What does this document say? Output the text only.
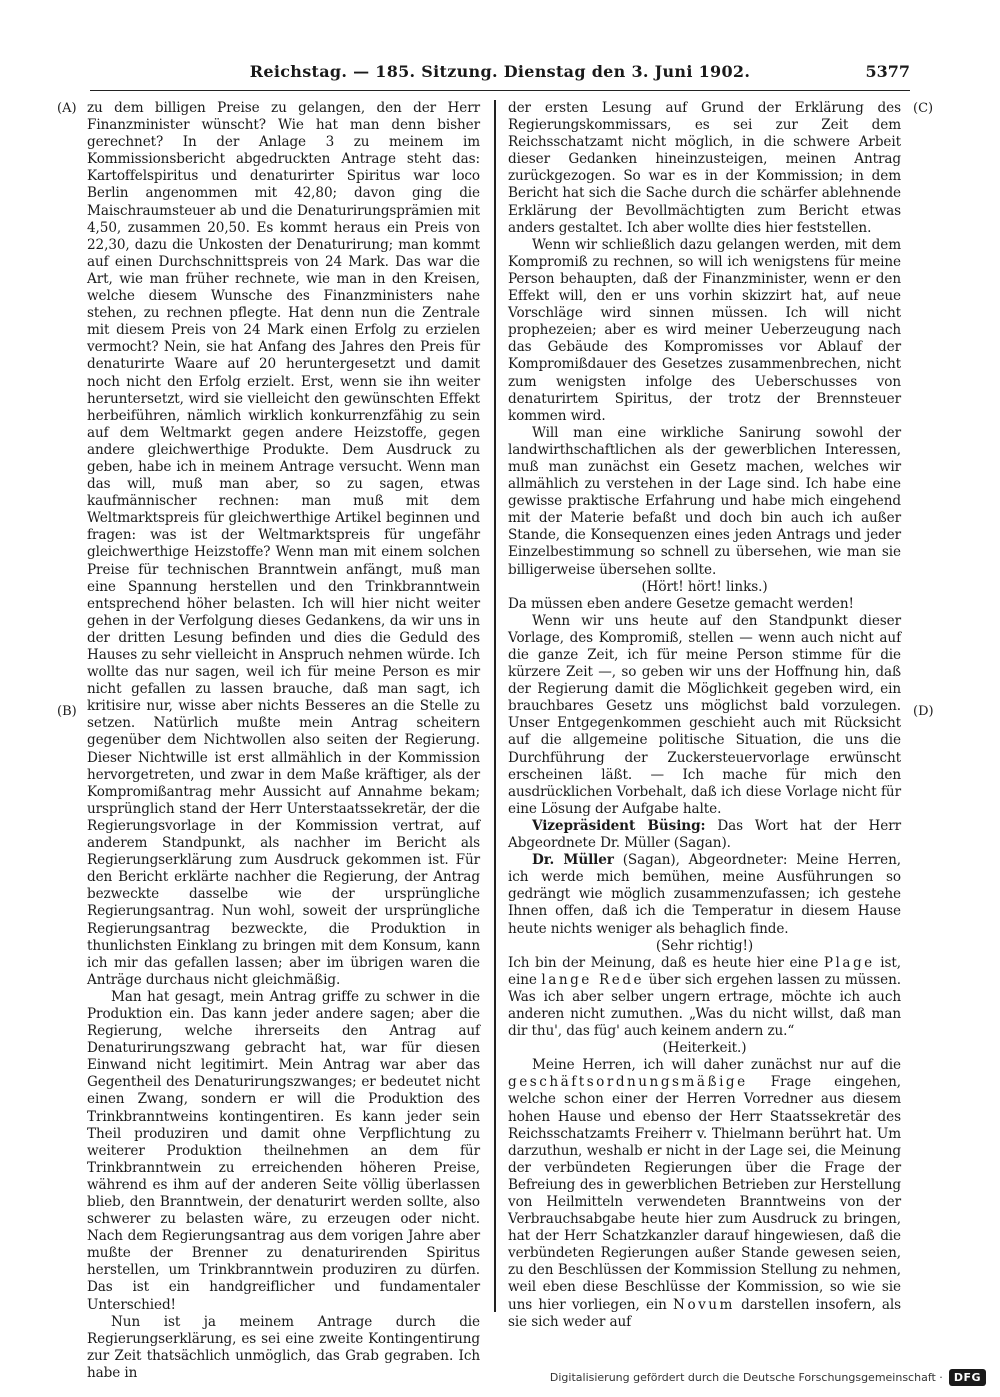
Reichstag. — 185. Sitzung. Dienstag den 3. Juni 1902.	5377
(A)
(B)
(C)
(D)

zu dem billigen Preise zu gelangen, den der Herr Finanzminister wünscht? Wie hat man denn bisher gerechnet? In der Anlage 3 zu meinem im Kommissionsbericht abgedruckten Antrage steht das: Kartoffelspiritus und denaturirter Spiritus war loco Berlin angenommen mit 42,80; davon ging die Maischraumsteuer ab und die Denaturirungsprämien mit 4,50, zusammen 20,50. Es kommt heraus ein Preis von 22,30, dazu die Unkosten der Denaturirung; man kommt auf einen Durchschnittspreis von 24 Mark. Das war die Art, wie man früher rechnete, wie man in den Kreisen, welche diesem Wunsche des Finanzministers nahe stehen, zu rechnen pflegte. Hat denn nun die Zentrale mit diesem Preis von 24 Mark einen Erfolg zu erzielen vermocht? Nein, sie hat Anfang des Jahres den Preis für denaturirte Waare auf 20 heruntergesetzt und damit noch nicht den Erfolg erzielt. Erst, wenn sie ihn weiter heruntersetzt, wird sie vielleicht den gewünschten Effekt herbeiführen, nämlich wirklich konkurrenzfähig zu sein auf dem Weltmarkt gegen andere Heizstoffe, gegen andere gleichwerthige Produkte. Dem Ausdruck zu geben, habe ich in meinem Antrage versucht. Wenn man das will, muß man aber, so zu sagen, etwas kaufmännischer rechnen: man muß mit dem Weltmarktspreis für gleichwerthige Artikel beginnen und fragen: was ist der Weltmarktspreis für ungefähr gleichwerthige Heizstoffe? Wenn man mit einem solchen Preise für technischen Branntwein anfängt, muß man eine Spannung herstellen und den Trinkbranntwein entsprechend höher belasten. Ich will hier nicht weiter gehen in der Verfolgung dieses Gedankens, da wir uns in der dritten Lesung befinden und dies die Geduld des Hauses zu sehr vielleicht in Anspruch nehmen würde. Ich wollte das nur sagen, weil ich für meine Person es mir nicht gefallen zu lassen brauche, daß man sagt, ich kritisire nur, wisse aber nichts Besseres an die Stelle zu setzen. Natürlich mußte mein Antrag scheitern gegenüber dem Nichtwollen also seiten der Regierung. Dieser Nichtwille ist erst allmählich in der Kommission hervorgetreten, und zwar in dem Maße kräftiger, als der Kompromißantrag mehr Aussicht auf Annahme bekam; ursprünglich stand der Herr Unterstaatssekretär, der die Regierungsvorlage in der Kommission vertrat, auf anderem Standpunkt, als nachher im Bericht als Regierungserklärung zum Ausdruck gekommen ist. Für den Bericht erklärte nachher die Regierung, der Antrag bezweckte dasselbe wie der ursprüngliche Regierungsantrag. Nun wohl, soweit der ursprüngliche Regierungsantrag bezweckte, die Produktion in thunlichsten Einklang zu bringen mit dem Konsum, kann ich mir das gefallen lassen; aber im übrigen waren die Anträge durchaus nicht gleichmäßig.

Man hat gesagt, mein Antrag griffe zu schwer in die Produktion ein. Das kann jeder andere sagen; aber die Regierung, welche ihrerseits den Antrag auf Denaturirungszwang gebracht hat, war für diesen Einwand nicht legitimirt. Mein Antrag war aber das Gegentheil des Denaturirungszwanges; er bedeutet nicht einen Zwang, sondern er will die Produktion des Trinkbranntweins kontingentiren. Es kann jeder sein Theil produziren und damit ohne Verpflichtung zu weiterer Produktion theilnehmen an dem für Trinkbranntwein zu erreichenden höheren Preise, während es ihm auf der anderen Seite völlig überlassen blieb, den Branntwein, der denaturirt werden sollte, also schwerer zu belasten wäre, zu erzeugen oder nicht. Nach dem Regierungsantrag aus dem vorigen Jahre aber mußte der Brenner zu denaturirenden Spiritus herstellen, um Trinkbranntwein produziren zu dürfen. Das ist ein handgreiflicher und fundamentaler Unterschied!

Nun ist ja meinem Antrage durch die Regierungserklärung, es sei eine zweite Kontingentirung zur Zeit thatsächlich unmöglich, das Grab gegraben. Ich habe in

der ersten Lesung auf Grund der Erklärung des Regierungskommissars, es sei zur Zeit dem Reichsschatzamt nicht möglich, in die schwere Arbeit dieser Gedanken hineinzusteigen, meinen Antrag zurückgezogen. So war es in der Kommission; in dem Bericht hat sich die Sache durch die schärfer ablehnende Erklärung der Bevollmächtigten zum Bericht etwas anders gestaltet. Ich aber wollte dies hier feststellen.

Wenn wir schließlich dazu gelangen werden, mit dem Kompromiß zu rechnen, so will ich wenigstens für meine Person behaupten, daß der Finanzminister, wenn er den Effekt will, den er uns vorhin skizzirt hat, auf neue Vorschläge wird sinnen müssen. Ich will nicht prophezeien; aber es wird meiner Ueberzeugung nach das Gebäude des Kompromisses vor Ablauf der Kompromißdauer des Gesetzes zusammenbrechen, nicht zum wenigsten infolge des Ueberschusses von denaturirtem Spiritus, der trotz der Brennsteuer kommen wird.

Will man eine wirkliche Sanirung sowohl der landwirthschaftlichen als der gewerblichen Interessen, muß man zunächst ein Gesetz machen, welches wir allmählich zu verstehen in der Lage sind. Ich habe eine gewisse praktische Erfahrung und habe mich eingehend mit der Materie befaßt und doch bin auch ich außer Stande, die Konsequenzen eines jeden Antrags und jeder Einzelbestimmung so schnell zu übersehen, wie man sie billigerweise übersehen sollte.

(Hört! hört! links.)

Da müssen eben andere Gesetze gemacht werden!

Wenn wir uns heute auf den Standpunkt dieser Vorlage, des Kompromiß, stellen — wenn auch nicht auf die ganze Zeit, ich für meine Person stimme für die kürzere Zeit —, so geben wir uns der Hoffnung hin, daß der Regierung damit die Möglichkeit gegeben wird, ein brauchbares Gesetz uns möglichst bald vorzulegen. Unser Entgegenkommen geschieht auch mit Rücksicht auf die allgemeine politische Situation, die uns die Durchführung der Zuckersteuervorlage erwünscht erscheinen läßt. — Ich mache für mich den ausdrücklichen Vorbehalt, daß ich diese Vorlage nicht für eine Lösung der Aufgabe halte.

Vizepräsident Büsing: Das Wort hat der Herr Abgeordnete Dr. Müller (Sagan).

Dr. Müller (Sagan), Abgeordneter: Meine Herren, ich werde mich bemühen, meine Ausführungen so gedrängt wie möglich zusammenzufassen; ich gestehe Ihnen offen, daß ich die Temperatur in diesem Hause heute nichts weniger als behaglich finde.

(Sehr richtig!)

Ich bin der Meinung, daß es heute hier eine Plage ist, eine lange Rede über sich ergehen lassen zu müssen. Was ich aber selber ungern ertrage, möchte ich auch anderen nicht zumuthen. „Was du nicht willst, daß man dir thu', das füg' auch keinem andern zu.“

(Heiterkeit.)

Meine Herren, ich will daher zunächst nur auf die geschäftsordnungsmäßige Frage eingehen, welche schon einer der Herren Vorredner aus diesem hohen Hause und ebenso der Herr Staatssekretär des Reichsschatzamts Freiherr v. Thielmann berührt hat. Um darzuthun, weshalb er nicht in der Lage sei, die Meinung der verbündeten Regierungen über die Frage der Befreiung des in gewerblichen Betrieben zur Herstellung von Heilmitteln verwendeten Branntweins von der Verbrauchsabgabe heute hier zum Ausdruck zu bringen, hat der Herr Schatzkanzler darauf hingewiesen, daß die verbündeten Regierungen außer Stande gewesen seien, zu den Beschlüssen der Kommission Stellung zu nehmen, weil eben diese Beschlüsse der Kommission, so wie sie uns hier vorliegen, ein Novum darstellen insofern, als sie sich weder auf

Digitalisierung gefördert durch die Deutsche Forschungsgemeinschaft ·	DFG
